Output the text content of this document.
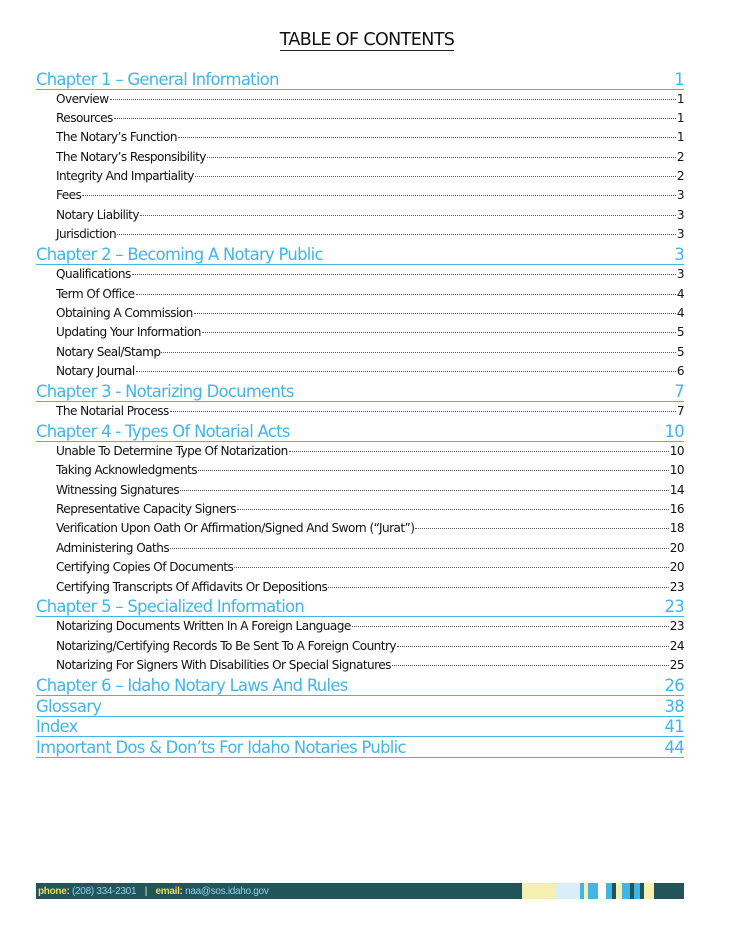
TABLE OF CONTENTS
Chapter 1 – General Information	1
Overview	1
Resources	1
The Notary’s Function	1
The Notary’s Responsibility	2
Integrity And Impartiality	2
Fees	3
Notary Liability	3
Jurisdiction	3
Chapter 2 – Becoming A Notary Public	3
Qualifications	3
Term Of Office	4
Obtaining A Commission	4
Updating Your Information	5
Notary Seal/Stamp	5
Notary Journal	6
Chapter 3 - Notarizing Documents	7
The Notarial Process	7
Chapter 4 - Types Of Notarial Acts	10
Unable To Determine Type Of Notarization	10
Taking Acknowledgments	10
Witnessing Signatures	14
Representative Capacity Signers	16
Verification Upon Oath Or Affirmation/Signed And Sworn (“Jurat”)	18
Administering Oaths	20
Certifying Copies Of Documents	20
Certifying Transcripts Of Affidavits Or Depositions	23
Chapter 5 – Specialized Information	23
Notarizing Documents Written In A Foreign Language	23
Notarizing/Certifying Records To Be Sent To A Foreign Country	24
Notarizing For Signers With Disabilities Or Special Signatures	25
Chapter 6 – Idaho Notary Laws And Rules	26
Glossary	38
Index	41
Important Dos & Don’ts For Idaho Notaries Public	44
phone: (208) 334-2301 | email: naa@sos.idaho.gov
